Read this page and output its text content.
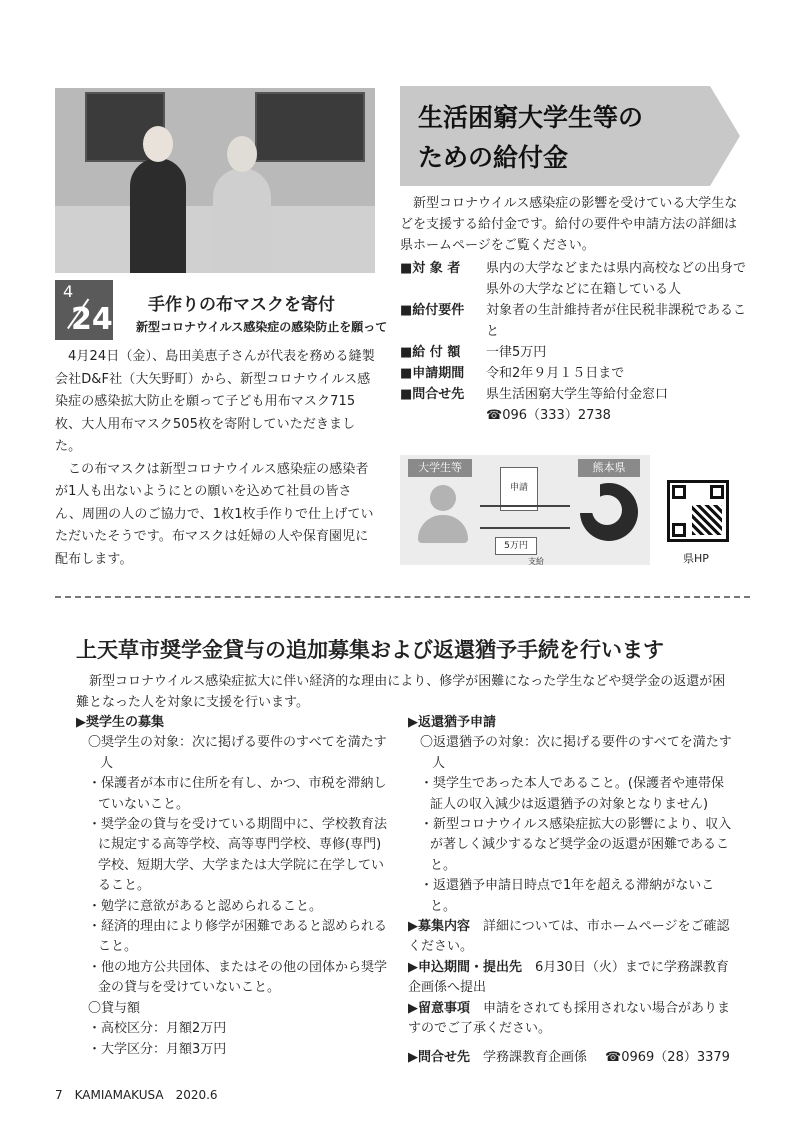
4
24 手作りの布マスクを寄付
新型コロナウイルス感染症の感染防止を願って

4月24日（金）、島田美恵子さんが代表を務める縫製会社D&F社（大矢野町）から、新型コロナウイルス感染症の感染拡大防止を願って子ども用布マスク715枚、大人用布マスク505枚を寄附していただきました。

この布マスクは新型コロナウイルス感染症の感染者が1人も出ないようにとの願いを込めて社員の皆さん、周囲の人のご協力で、1枚1枚手作りで仕上げていただいたそうです。布マスクは妊婦の人や保育園児に配布します。

生活困窮大学生等の
ための給付金
新型コロナウイルス感染症の影響を受けている大学生などを支援する給付金です。給付の要件や申請方法の詳細は県ホームページをご覧ください。
■対 象 者	県内の大学などまたは県内高校などの出身で県外の大学などに在籍している人
■給付要件	対象者の生計維持者が住民税非課税であること
■給 付 額	一律5万円
■申請期間	令和2年９月１５日まで
■問合せ先	県生活困窮大学生等給付金窓口
☎096（333）2738
大学生等	熊本県
申請
5万円
支給	県HP
上天草市奨学金貸与の追加募集および返還猶予手続を行います
新型コロナウイルス感染症拡大に伴い経済的な理由により、修学が困難になった学生などや奨学金の返還が困難となった人を対象に支援を行います。
▶奨学生の募集
〇奨学生の対象：次に掲げる要件のすべてを満たす人
・保護者が本市に住所を有し、かつ、市税を滞納していないこと。
・奨学金の貸与を受けている期間中に、学校教育法に規定する高等学校、高等専門学校、専修(専門)学校、短期大学、大学または大学院に在学していること。
・勉学に意欲があると認められること。
・経済的理由により修学が困難であると認められること。
・他の地方公共団体、またはその他の団体から奨学金の貸与を受けていないこと。
〇貸与額
・高校区分：月額2万円
・大学区分：月額3万円
▶返還猶予申請
〇返還猶予の対象：次に掲げる要件のすべてを満たす人
・奨学生であった本人であること。(保護者や連帯保証人の収入減少は返還猶予の対象となりません)
・新型コロナウイルス感染症拡大の影響により、収入が著しく減少するなど奨学金の返還が困難であること。
・返還猶予申請日時点で1年を超える滞納がないこと。
▶募集内容　 詳細については、市ホームページをご確認ください。
▶申込期間・提出先　 6月30日（火）までに学務課教育企画係へ提出
▶留意事項　 申請をされても採用されない場合がありますのでご了承ください。
▶問合せ先　 学務課教育企画係 ☎0969（28）3379
7 KAMIAMAKUSA 2020.6
